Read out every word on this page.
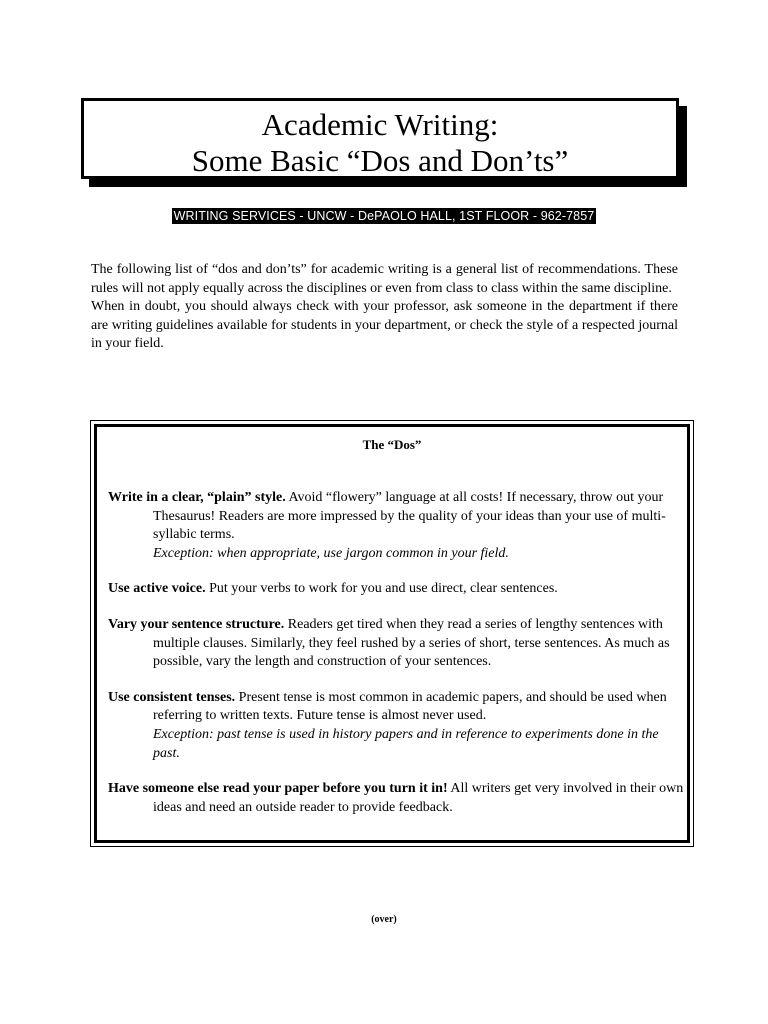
Academic Writing:
Some Basic “Dos and Don’ts”
WRITING SERVICES - UNCW - DePAOLO HALL, 1ST FLOOR - 962-7857

The following list of “dos and don’ts” for academic writing is a general list of recommendations. These rules will not apply equally across the disciplines or even from class to class within the same discipline.

When in doubt, you should always check with your professor, ask someone in the department if there are writing guidelines available for students in your department, or check the style of a respected journal in your field.

The “Dos”

Write in a clear, “plain” style. Avoid “flowery” language at all costs! If necessary, throw out your Thesaurus! Readers are more impressed by the quality of your ideas than your use of multi-syllabic terms.
Exception: when appropriate, use jargon common in your field.

Use active voice. Put your verbs to work for you and use direct, clear sentences.

Vary your sentence structure. Readers get tired when they read a series of lengthy sentences with multiple clauses. Similarly, they feel rushed by a series of short, terse sentences. As much as possible, vary the length and construction of your sentences.

Use consistent tenses. Present tense is most common in academic papers, and should be used when referring to written texts. Future tense is almost never used.
Exception: past tense is used in history papers and in reference to experiments done in the past.

Have someone else read your paper before you turn it in! All writers get very involved in their own ideas and need an outside reader to provide feedback.

(over)
